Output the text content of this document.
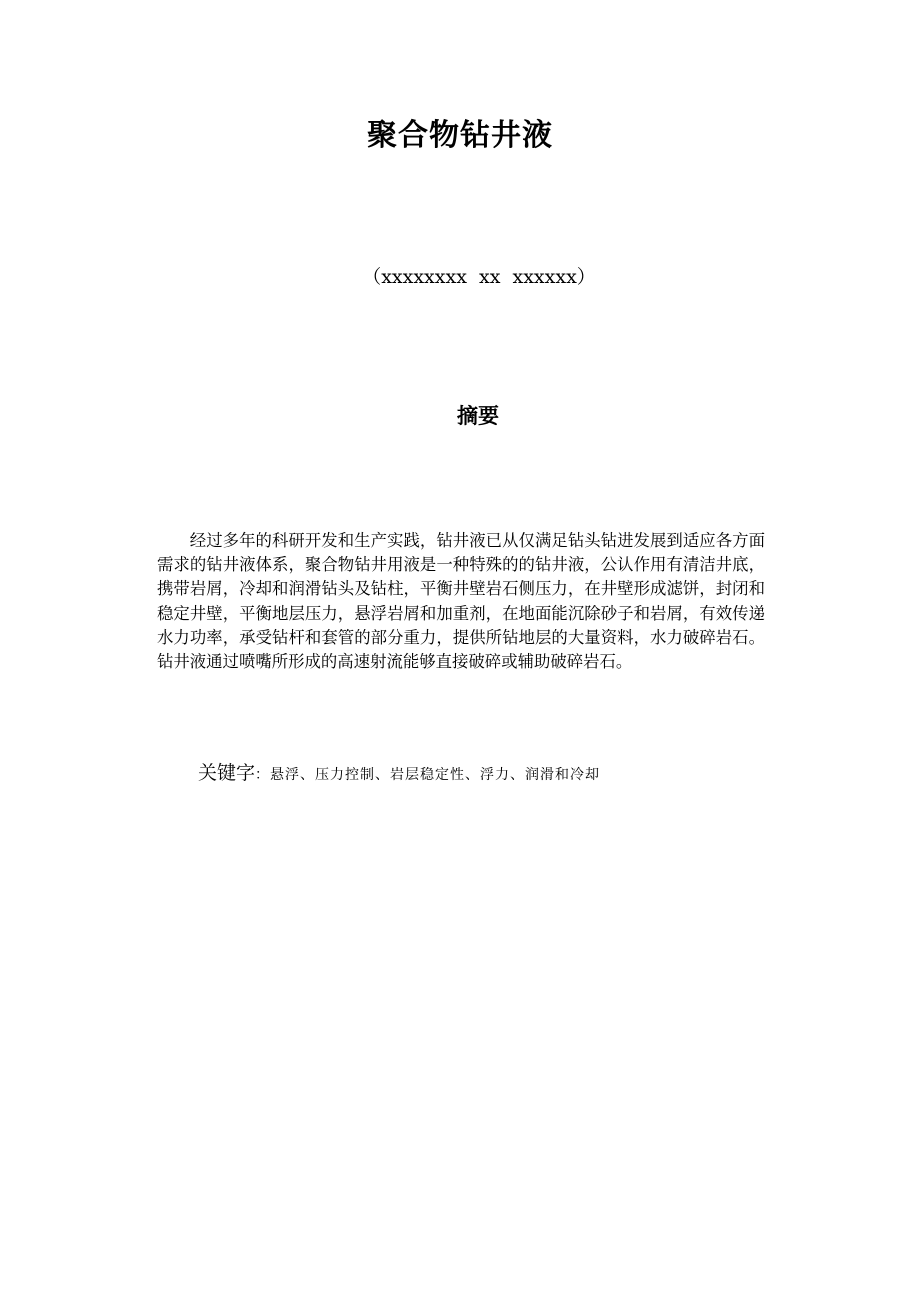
聚合物钻井液
（xxxxxxxx  xx  xxxxxx）
摘要

经过多年的科研开发和生产实践，钻井液已从仅满足钻头钻进发展到适应各方面需求的钻井液体系，聚合物钻井用液是一种特殊的的钻井液，公认作用有清洁井底，携带岩屑，冷却和润滑钻头及钻柱，平衡井壁岩石侧压力，在井壁形成滤饼，封闭和稳定井壁，平衡地层压力，悬浮岩屑和加重剂，在地面能沉除砂子和岩屑，有效传递水力功率，承受钻杆和套管的部分重力，提供所钻地层的大量资料，水力破碎岩石。钻井液通过喷嘴所形成的高速射流能够直接破碎或辅助破碎岩石。

关键字：悬浮、压力控制、岩层稳定性、浮力、润滑和冷却
